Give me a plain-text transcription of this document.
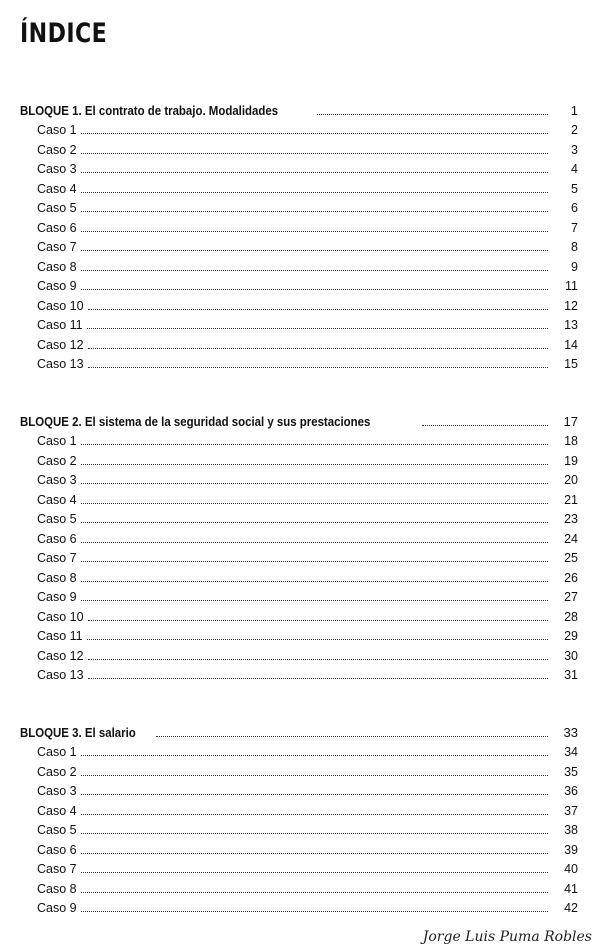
ÍNDICE
BLOQUE 1. El contrato de trabajo. Modalidades	1
Caso 1	2
Caso 2	3
Caso 3	4
Caso 4	5
Caso 5	6
Caso 6	7
Caso 7	8
Caso 8	9
Caso 9	11
Caso 10	12
Caso 11	13
Caso 12	14
Caso 13	15
BLOQUE 2. El sistema de la seguridad social y sus prestaciones	17
Caso 1	18
Caso 2	19
Caso 3	20
Caso 4	21
Caso 5	23
Caso 6	24
Caso 7	25
Caso 8	26
Caso 9	27
Caso 10	28
Caso 11	29
Caso 12	30
Caso 13	31
BLOQUE 3. El salario	33
Caso 1	34
Caso 2	35
Caso 3	36
Caso 4	37
Caso 5	38
Caso 6	39
Caso 7	40
Caso 8	41
Caso 9	42
Jorge Luis Puma Robles
